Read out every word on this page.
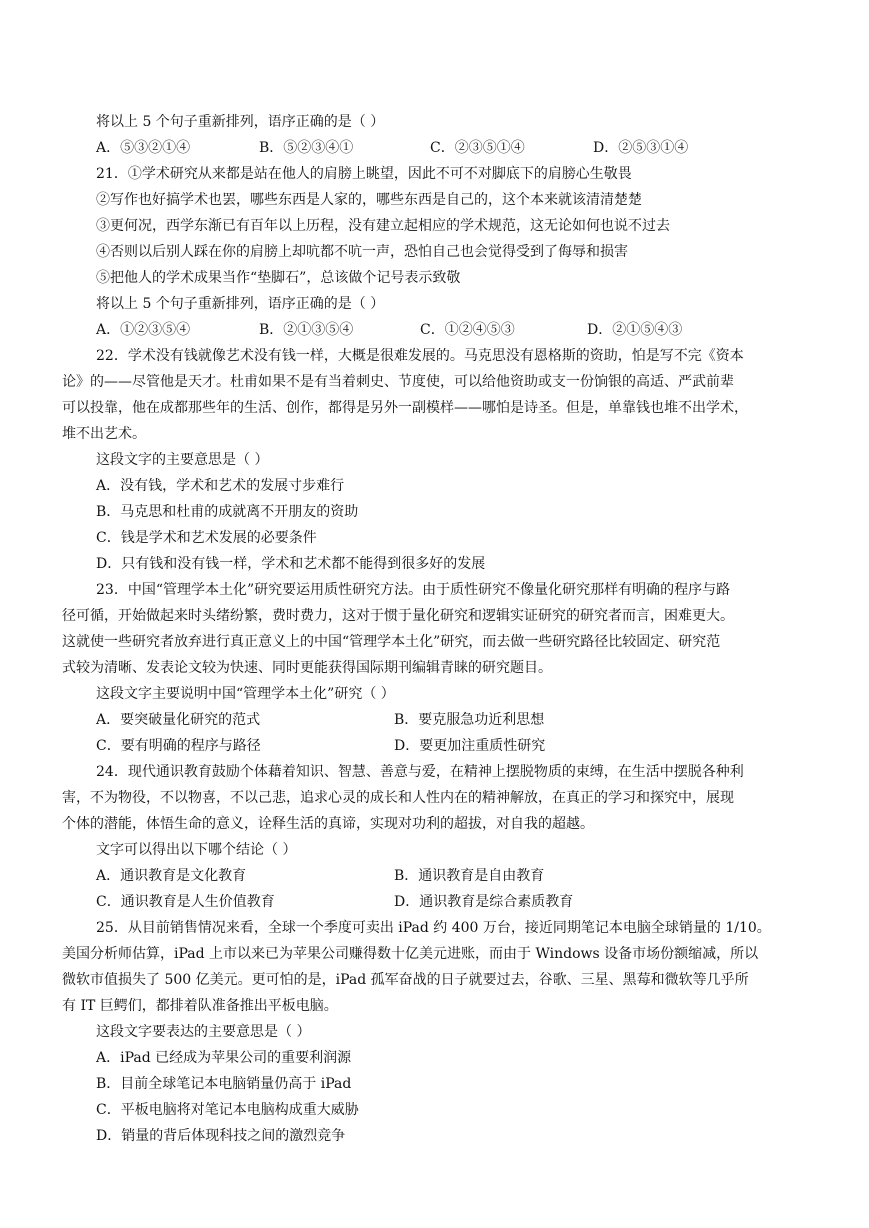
将以上 5 个句子重新排列，语序正确的是（ ）
A．⑤③②①④	B．⑤②③④①	C．②③⑤①④	D．②⑤③①④
21．①学术研究从来都是站在他人的肩膀上眺望，因此不可不对脚底下的肩膀心生敬畏
②写作也好搞学术也罢，哪些东西是人家的，哪些东西是自己的，这个本来就该清清楚楚
③更何况，西学东渐已有百年以上历程，没有建立起相应的学术规范，这无论如何也说不过去
④否则以后别人踩在你的肩膀上却吭都不吭一声，恐怕自己也会觉得受到了侮辱和损害
⑤把他人的学术成果当作“垫脚石”，总该做个记号表示致敬
将以上 5 个句子重新排列，语序正确的是（ ）
A．①②③⑤④	B．②①③⑤④	C．①②④⑤③	D．②①⑤④③
22．学术没有钱就像艺术没有钱一样，大概是很难发展的。马克思没有恩格斯的资助，怕是写不完《资本
论》的——尽管他是天才。杜甫如果不是有当着刺史、节度使，可以给他资助或支一份饷银的高适、严武前辈
可以投靠，他在成都那些年的生活、创作，都得是另外一副模样——哪怕是诗圣。但是，单靠钱也堆不出学术，
堆不出艺术。
这段文字的主要意思是（ ）
A．没有钱，学术和艺术的发展寸步难行
B．马克思和杜甫的成就离不开朋友的资助
C．钱是学术和艺术发展的必要条件
D．只有钱和没有钱一样，学术和艺术都不能得到很多好的发展
23．中国“管理学本土化”研究要运用质性研究方法。由于质性研究不像量化研究那样有明确的程序与路
径可循，开始做起来时头绪纷繁，费时费力，这对于惯于量化研究和逻辑实证研究的研究者而言，困难更大。
这就使一些研究者放弃进行真正意义上的中国“管理学本土化”研究，而去做一些研究路径比较固定、研究范
式较为清晰、发表论文较为快速、同时更能获得国际期刊编辑青睐的研究题目。
这段文字主要说明中国“管理学本土化”研究（ ）
A．要突破量化研究的范式	B．要克服急功近利思想
C．要有明确的程序与路径	D．要更加注重质性研究
24．现代通识教育鼓励个体藉着知识、智慧、善意与爱，在精神上摆脱物质的束缚，在生活中摆脱各种利
害，不为物役，不以物喜，不以己悲，追求心灵的成长和人性内在的精神解放，在真正的学习和探究中，展现
个体的潜能，体悟生命的意义，诠释生活的真谛，实现对功利的超拔，对自我的超越。
文字可以得出以下哪个结论（ ）
A．通识教育是文化教育	B．通识教育是自由教育
C．通识教育是人生价值教育	D．通识教育是综合素质教育
25．从目前销售情况来看，全球一个季度可卖出 iPad 约 400 万台，接近同期笔记本电脑全球销量的 1/10。
美国分析师估算，iPad 上市以来已为苹果公司赚得数十亿美元进账，而由于 Windows 设备市场份额缩减，所以
微软市值损失了 500 亿美元。更可怕的是，iPad 孤军奋战的日子就要过去，谷歌、三星、黑莓和微软等几乎所
有 IT 巨鳄们，都排着队准备推出平板电脑。
这段文字要表达的主要意思是（ ）
A．iPad 已经成为苹果公司的重要利润源
B．目前全球笔记本电脑销量仍高于 iPad
C．平板电脑将对笔记本电脑构成重大威胁
D．销量的背后体现科技之间的激烈竞争
